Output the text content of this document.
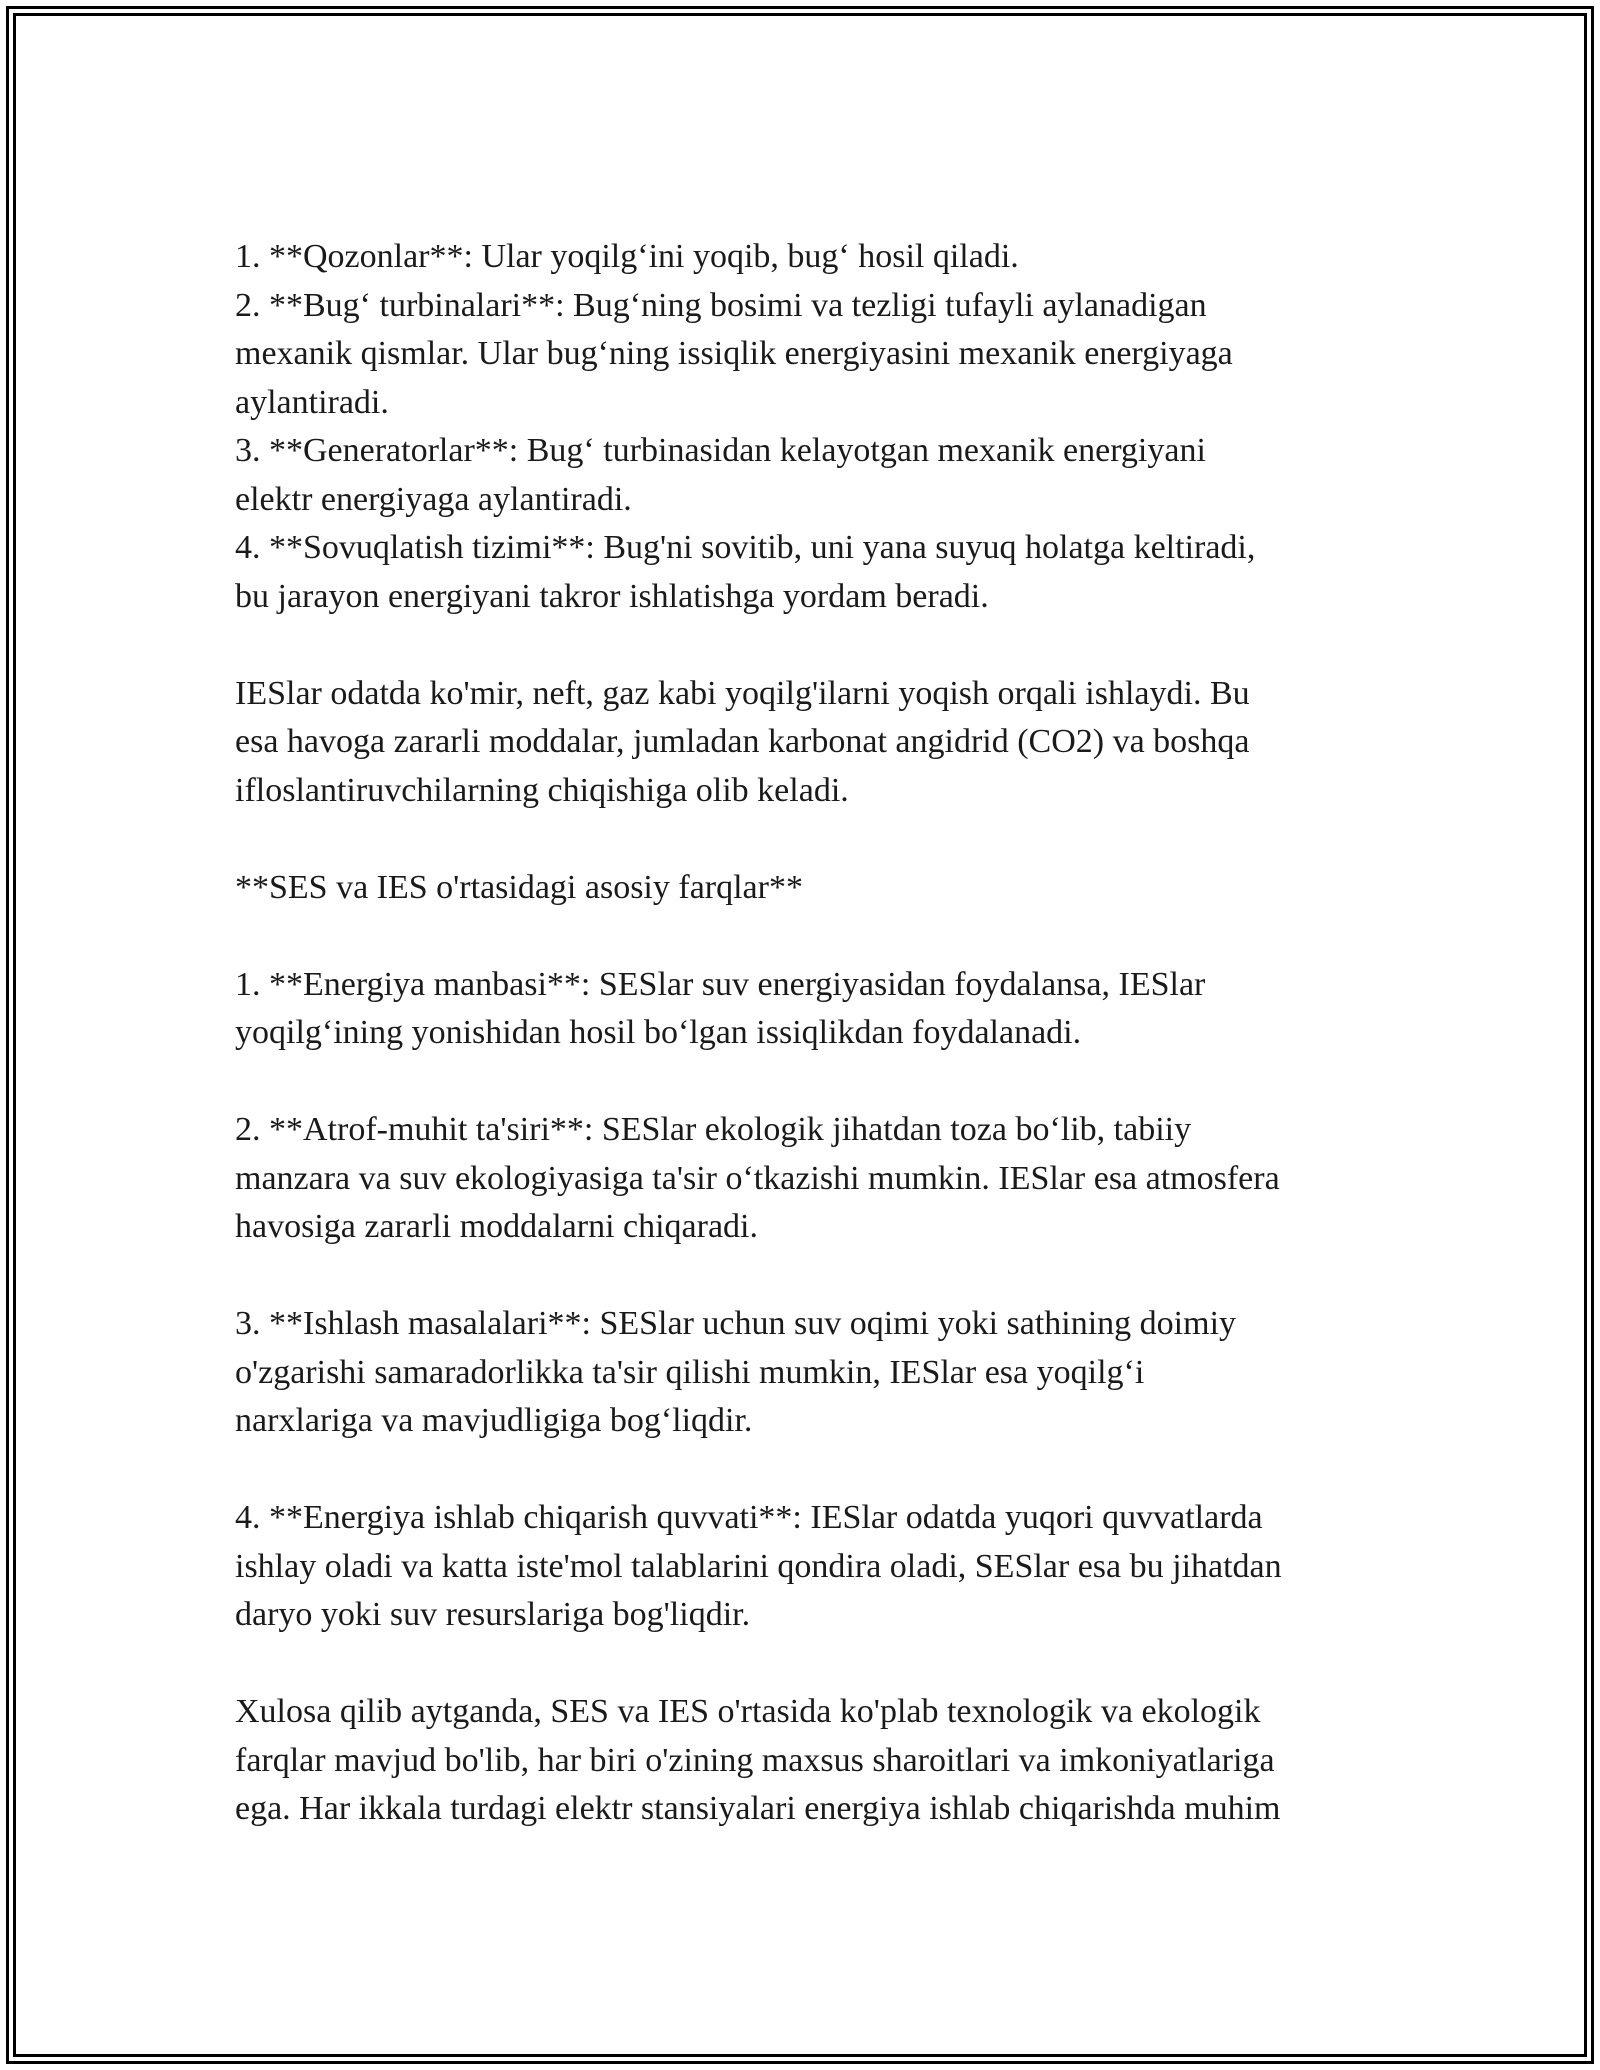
1. **Qozonlar**: Ular yoqilg‘ini yoqib, bug‘ hosil qiladi.

2. **Bug‘ turbinalari**: Bug‘ning bosimi va tezligi tufayli aylanadigan

mexanik qismlar. Ular bug‘ning issiqlik energiyasini mexanik energiyaga

aylantiradi.

3. **Generatorlar**: Bug‘ turbinasidan kelayotgan mexanik energiyani

elektr energiyaga aylantiradi.

4. **Sovuqlatish tizimi**: Bug'ni sovitib, uni yana suyuq holatga keltiradi,

bu jarayon energiyani takror ishlatishga yordam beradi.

IESlar odatda ko'mir, neft, gaz kabi yoqilg'ilarni yoqish orqali ishlaydi. Bu

esa havoga zararli moddalar, jumladan karbonat angidrid (CO2) va boshqa

ifloslantiruvchilarning chiqishiga olib keladi.

**SES va IES o'rtasidagi asosiy farqlar**

1. **Energiya manbasi**: SESlar suv energiyasidan foydalansa, IESlar

yoqilg‘ining yonishidan hosil bo‘lgan issiqlikdan foydalanadi.

2. **Atrof-muhit ta'siri**: SESlar ekologik jihatdan toza bo‘lib, tabiiy

manzara va suv ekologiyasiga ta'sir o‘tkazishi mumkin. IESlar esa atmosfera

havosiga zararli moddalarni chiqaradi.

3. **Ishlash masalalari**: SESlar uchun suv oqimi yoki sathining doimiy

o'zgarishi samaradorlikka ta'sir qilishi mumkin, IESlar esa yoqilg‘i

narxlariga va mavjudligiga bog‘liqdir.

4. **Energiya ishlab chiqarish quvvati**: IESlar odatda yuqori quvvatlarda

ishlay oladi va katta iste'mol talablarini qondira oladi, SESlar esa bu jihatdan

daryo yoki suv resurslariga bog'liqdir.

Xulosa qilib aytganda, SES va IES o'rtasida ko'plab texnologik va ekologik

farqlar mavjud bo'lib, har biri o'zining maxsus sharoitlari va imkoniyatlariga

ega. Har ikkala turdagi elektr stansiyalari energiya ishlab chiqarishda muhim
